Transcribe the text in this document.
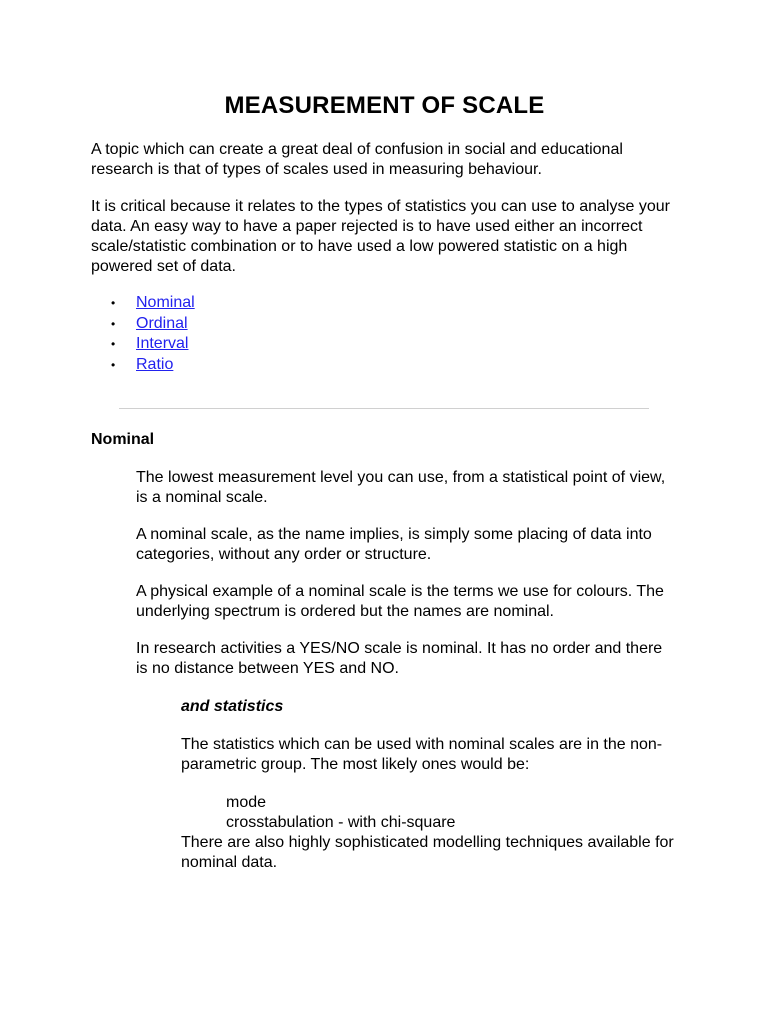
MEASUREMENT OF SCALE

A topic which can create a great deal of confusion in social and educational research is that of types of scales used in measuring behaviour.

It is critical because it relates to the types of statistics you can use to analyse your data. An easy way to have a paper rejected is to have used either an incorrect scale/statistic combination or to have used a low powered statistic on a high powered set of data.

• Nominal
• Ordinal
• Interval
• Ratio
Nominal

The lowest measurement level you can use, from a statistical point of view, is a nominal scale.

A nominal scale, as the name implies, is simply some placing of data into categories, without any order or structure.

A physical example of a nominal scale is the terms we use for colours. The underlying spectrum is ordered but the names are nominal.

In research activities a YES/NO scale is nominal. It has no order and there is no distance between YES and NO.

and statistics

The statistics which can be used with nominal scales are in the non-parametric group. The most likely ones would be:

mode
crosstabulation - with chi-square

There are also highly sophisticated modelling techniques available for nominal data.
